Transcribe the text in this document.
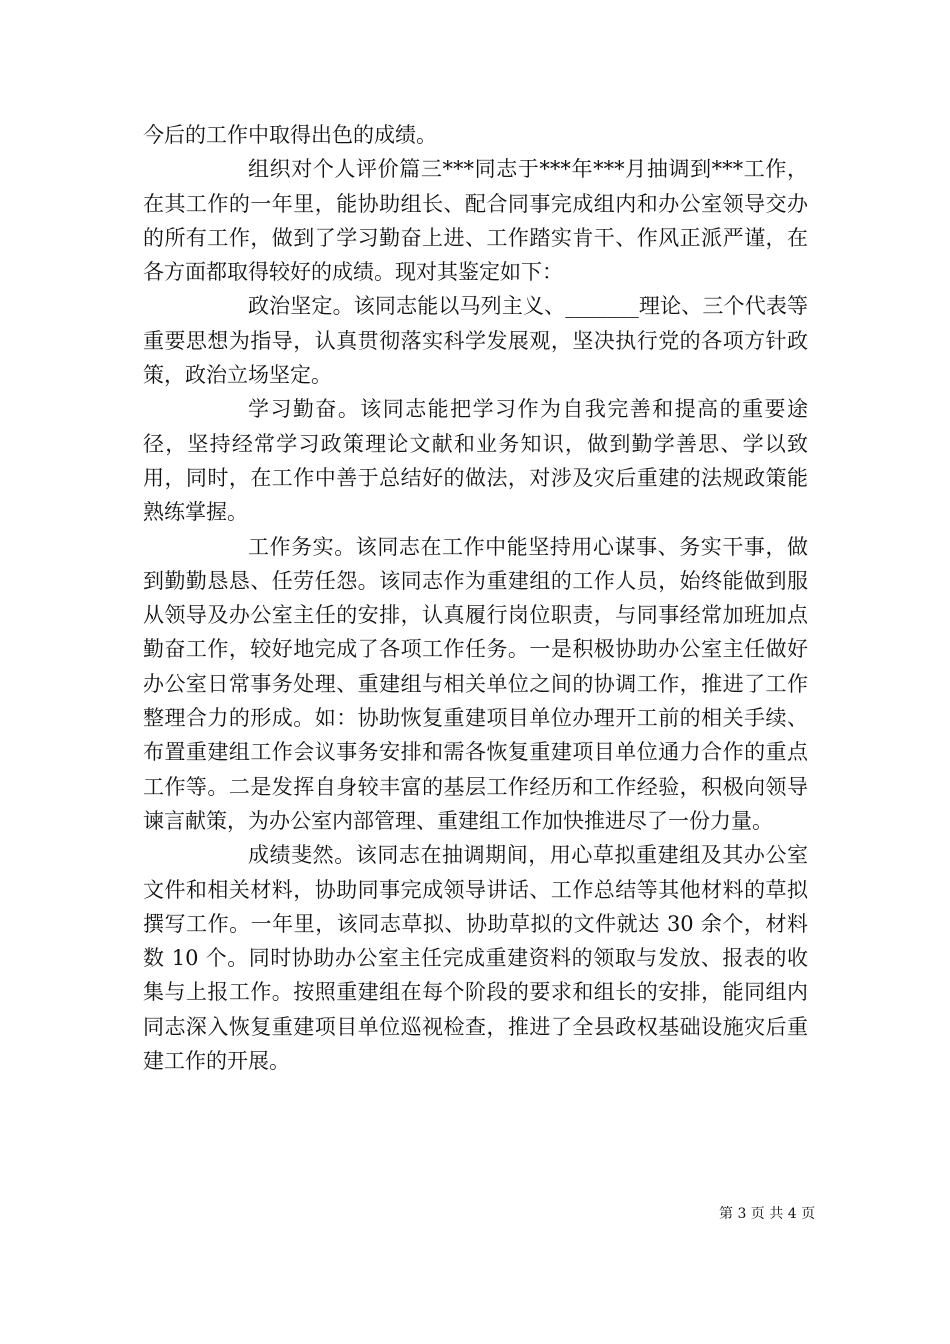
今后的工作中取得出色的成绩。

组织对个人评价篇三***同志于***年***月抽调到***工作，在其工作的一年里，能协助组长、配合同事完成组内和办公室领导交办的所有工作，做到了学习勤奋上进、工作踏实肯干、作风正派严谨，在各方面都取得较好的成绩。现对其鉴定如下：

政治坚定。该同志能以马列主义、_______理论、三个代表等重要思想为指导，认真贯彻落实科学发展观，坚决执行党的各项方针政策，政治立场坚定。

学习勤奋。该同志能把学习作为自我完善和提高的重要途径，坚持经常学习政策理论文献和业务知识，做到勤学善思、学以致用，同时，在工作中善于总结好的做法，对涉及灾后重建的法规政策能熟练掌握。

工作务实。该同志在工作中能坚持用心谋事、务实干事，做到勤勤恳恳、任劳任怨。该同志作为重建组的工作人员，始终能做到服从领导及办公室主任的安排，认真履行岗位职责，与同事经常加班加点勤奋工作，较好地完成了各项工作任务。一是积极协助办公室主任做好办公室日常事务处理、重建组与相关单位之间的协调工作，推进了工作整理合力的形成。如：协助恢复重建项目单位办理开工前的相关手续、布置重建组工作会议事务安排和需各恢复重建项目单位通力合作的重点工作等。二是发挥自身较丰富的基层工作经历和工作经验，积极向领导谏言献策，为办公室内部管理、重建组工作加快推进尽了一份力量。

成绩斐然。该同志在抽调期间，用心草拟重建组及其办公室文件和相关材料，协助同事完成领导讲话、工作总结等其他材料的草拟撰写工作。一年里，该同志草拟、协助草拟的文件就达 30 余个，材料数 10 个。同时协助办公室主任完成重建资料的领取与发放、报表的收集与上报工作。按照重建组在每个阶段的要求和组长的安排，能同组内同志深入恢复重建项目单位巡视检查，推进了全县政权基础设施灾后重建工作的开展。

第 3 页 共 4 页
